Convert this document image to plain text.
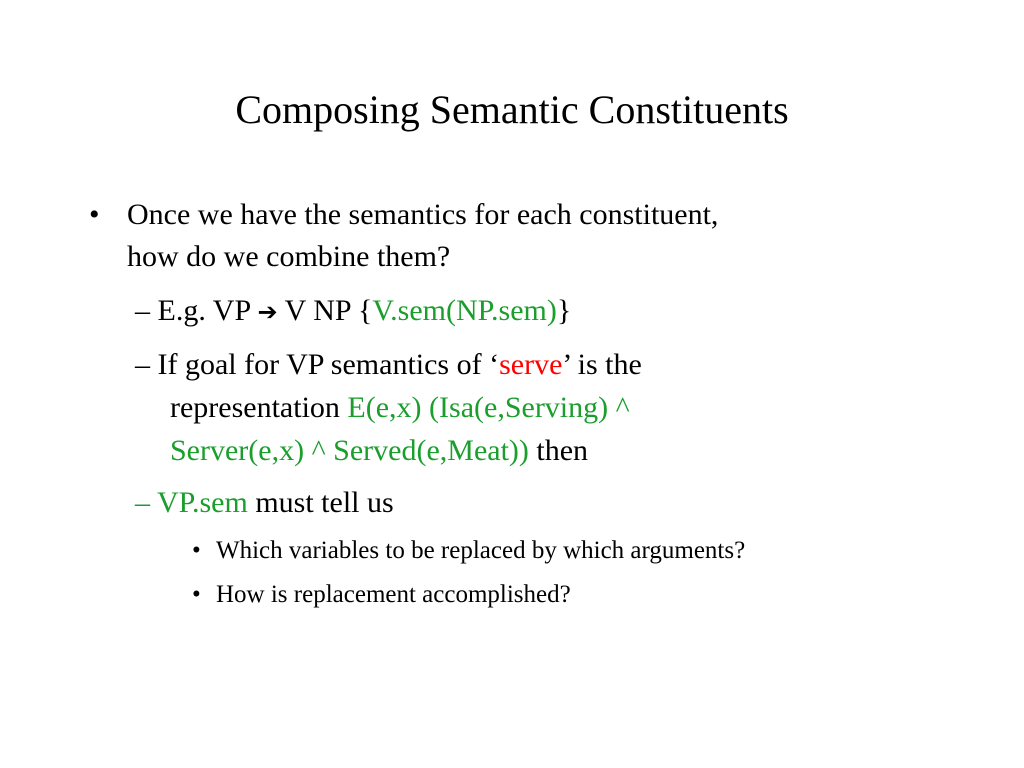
Composing Semantic Constituents
• Once we have the semantics for each constituent,
how do we combine them?
– E.g. VP ➔ V NP {V.sem(NP.sem)}
– If goal for VP semantics of ‘serve’ is the
representation E(e,x) (Isa(e,Serving) ^
Server(e,x) ^ Served(e,Meat)) then
– VP.sem must tell us
• Which variables to be replaced by which arguments?
• How is replacement accomplished?
